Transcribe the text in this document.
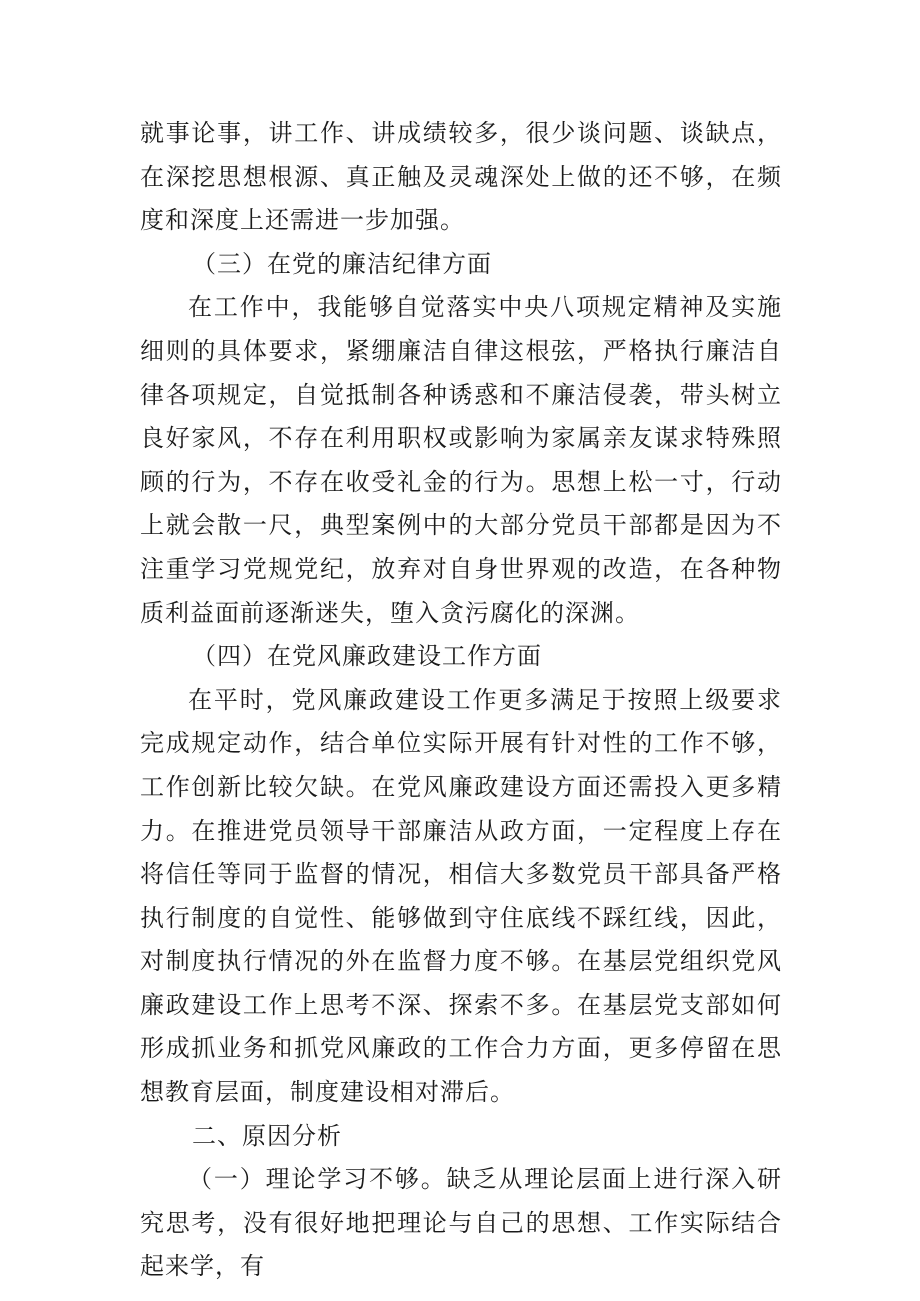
就事论事，讲工作、讲成绩较多，很少谈问题、谈缺点，在深挖思想根源、真正触及灵魂深处上做的还不够，在频度和深度上还需进一步加强。

（三）在党的廉洁纪律方面

在工作中，我能够自觉落实中央八项规定精神及实施细则的具体要求，紧绷廉洁自律这根弦，严格执行廉洁自律各项规定，自觉抵制各种诱惑和不廉洁侵袭，带头树立良好家风，不存在利用职权或影响为家属亲友谋求特殊照顾的行为，不存在收受礼金的行为。思想上松一寸，行动上就会散一尺，典型案例中的大部分党员干部都是因为不注重学习党规党纪，放弃对自身世界观的改造，在各种物质利益面前逐渐迷失，堕入贪污腐化的深渊。

（四）在党风廉政建设工作方面

在平时，党风廉政建设工作更多满足于按照上级要求完成规定动作，结合单位实际开展有针对性的工作不够，工作创新比较欠缺。在党风廉政建设方面还需投入更多精力。在推进党员领导干部廉洁从政方面，一定程度上存在将信任等同于监督的情况，相信大多数党员干部具备严格执行制度的自觉性、能够做到守住底线不踩红线，因此，对制度执行情况的外在监督力度不够。在基层党组织党风廉政建设工作上思考不深、探索不多。在基层党支部如何形成抓业务和抓党风廉政的工作合力方面，更多停留在思想教育层面，制度建设相对滞后。

二、原因分析

（一）理论学习不够。缺乏从理论层面上进行深入研究思考，没有很好地把理论与自己的思想、工作实际结合起来学，有
